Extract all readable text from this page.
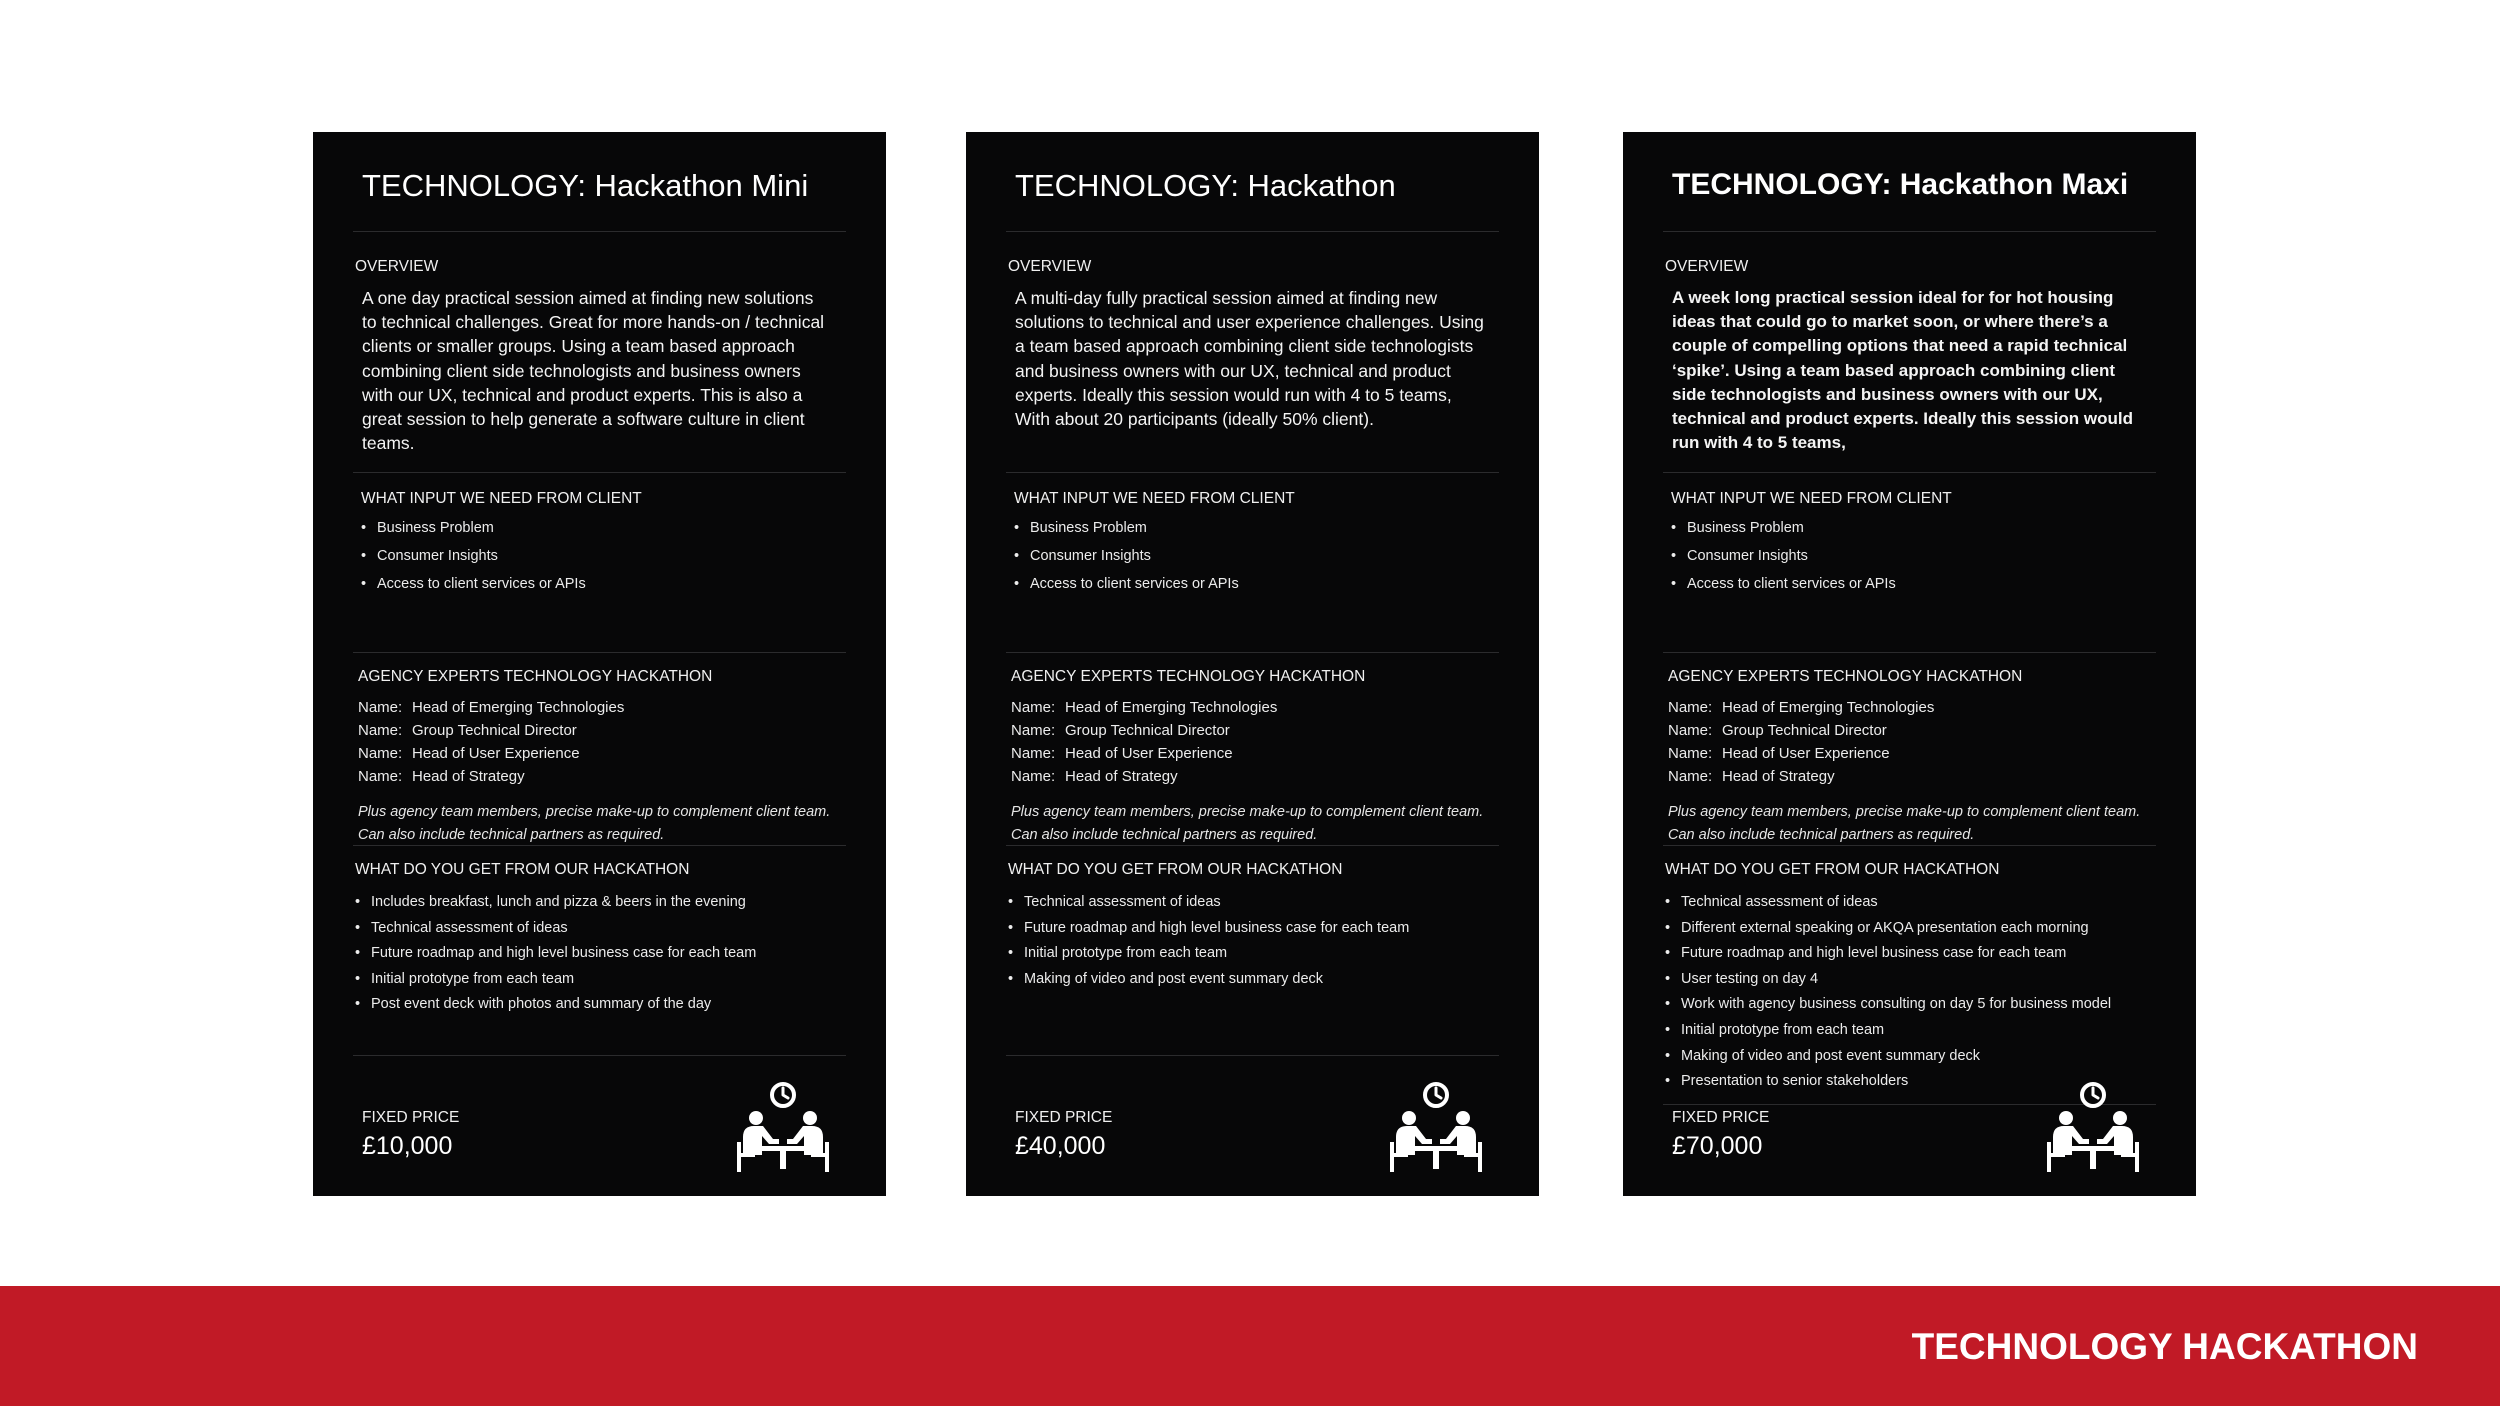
TECHNOLOGY: Hackathon Mini
OVERVIEW

A one day practical session aimed at finding new solutions to technical challenges. Great for more hands-on / technical clients or smaller groups. Using a team based approach combining client side technologists and business owners with our UX, technical and product experts. This is also a great session to help generate a software culture in client teams.

WHAT INPUT WE NEED FROM CLIENT
• Business Problem
• Consumer Insights
• Access to client services or APIs
AGENCY EXPERTS TECHNOLOGY HACKATHON
Name: Head of Emerging Technologies
Name: Group Technical Director
Name: Head of User Experience
Name: Head of Strategy

Plus agency team members, precise make-up to complement client team. Can also include technical partners as required.

WHAT DO YOU GET FROM OUR HACKATHON
• Includes breakfast, lunch and pizza & beers in the evening
• Technical assessment of ideas
• Future roadmap and high level business case for each team
• Initial prototype from each team
• Post event deck with photos and summary of the day
FIXED PRICE
£10,000
TECHNOLOGY: Hackathon
OVERVIEW

A multi-day fully practical session aimed at finding new solutions to technical and user experience challenges. Using a team based approach combining client side technologists and business owners with our UX, technical and product experts. Ideally this session would run with 4 to 5 teams, With about 20 participants (ideally 50% client).

WHAT INPUT WE NEED FROM CLIENT
• Business Problem
• Consumer Insights
• Access to client services or APIs
AGENCY EXPERTS TECHNOLOGY HACKATHON
Name: Head of Emerging Technologies
Name: Group Technical Director
Name: Head of User Experience
Name: Head of Strategy

Plus agency team members, precise make-up to complement client team. Can also include technical partners as required.

WHAT DO YOU GET FROM OUR HACKATHON
• Technical assessment of ideas
• Future roadmap and high level business case for each team
• Initial prototype from each team
• Making of video and post event summary deck
FIXED PRICE
£40,000
TECHNOLOGY: Hackathon Maxi
OVERVIEW

A week long practical session ideal for for hot housing ideas that could go to market soon, or where there’s a couple of compelling options that need a rapid technical ‘spike’. Using a team based approach combining client side technologists and business owners with our UX, technical and product experts. Ideally this session would run with 4 to 5 teams,

WHAT INPUT WE NEED FROM CLIENT
• Business Problem
• Consumer Insights
• Access to client services or APIs
AGENCY EXPERTS TECHNOLOGY HACKATHON
Name: Head of Emerging Technologies
Name: Group Technical Director
Name: Head of User Experience
Name: Head of Strategy

Plus agency team members, precise make-up to complement client team. Can also include technical partners as required.

WHAT DO YOU GET FROM OUR HACKATHON
• Technical assessment of ideas
• Different external speaking or AKQA presentation each morning
• Future roadmap and high level business case for each team
• User testing on day 4
• Work with agency business consulting on day 5 for business model
• Initial prototype from each team
• Making of video and post event summary deck
• Presentation to senior stakeholders
FIXED PRICE
£70,000
TECHNOLOGY HACKATHON
